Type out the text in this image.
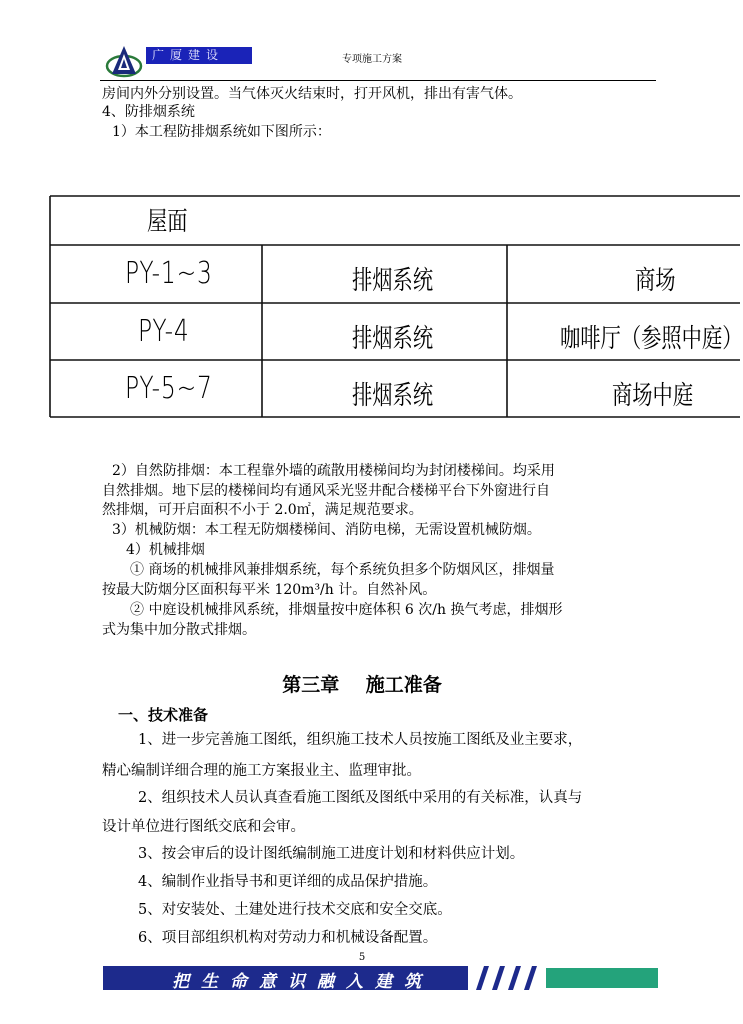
广厦建设	专项施工方案
房间内外分别设置。当气体灭火结束时，打开风机，排出有害气体。
4、防排烟系统
1）本工程防排烟系统如下图所示：
屋面
PY-1~3	排烟系统	商场
PY-4	排烟系统	咖啡厅（参照中庭）
PY-5~7	排烟系统	商场中庭
2）自然防排烟：本工程靠外墙的疏散用楼梯间均为封闭楼梯间。均采用
自然排烟。地下层的楼梯间均有通风采光竖井配合楼梯平台下外窗进行自
然排烟，可开启面积不小于 2.0㎡，满足规范要求。
3）机械防烟：本工程无防烟楼梯间、消防电梯，无需设置机械防烟。
4）机械排烟
① 商场的机械排风兼排烟系统，每个系统负担多个防烟风区，排烟量
按最大防烟分区面积每平米 120m³/h 计。自然补风。
② 中庭设机械排风系统，排烟量按中庭体积 6 次/h 换气考虑，排烟形
式为集中加分散式排烟。
第三章    施工准备
一、技术准备
1、进一步完善施工图纸，组织施工技术人员按施工图纸及业主要求，
精心编制详细合理的施工方案报业主、监理审批。
2、组织技术人员认真查看施工图纸及图纸中采用的有关标准，认真与
设计单位进行图纸交底和会审。
3、按会审后的设计图纸编制施工进度计划和材料供应计划。
4、编制作业指导书和更详细的成品保护措施。
5、对安装处、土建处进行技术交底和安全交底。
6、项目部组织机构对劳动力和机械设备配置。
5
把生命意识融入建筑
